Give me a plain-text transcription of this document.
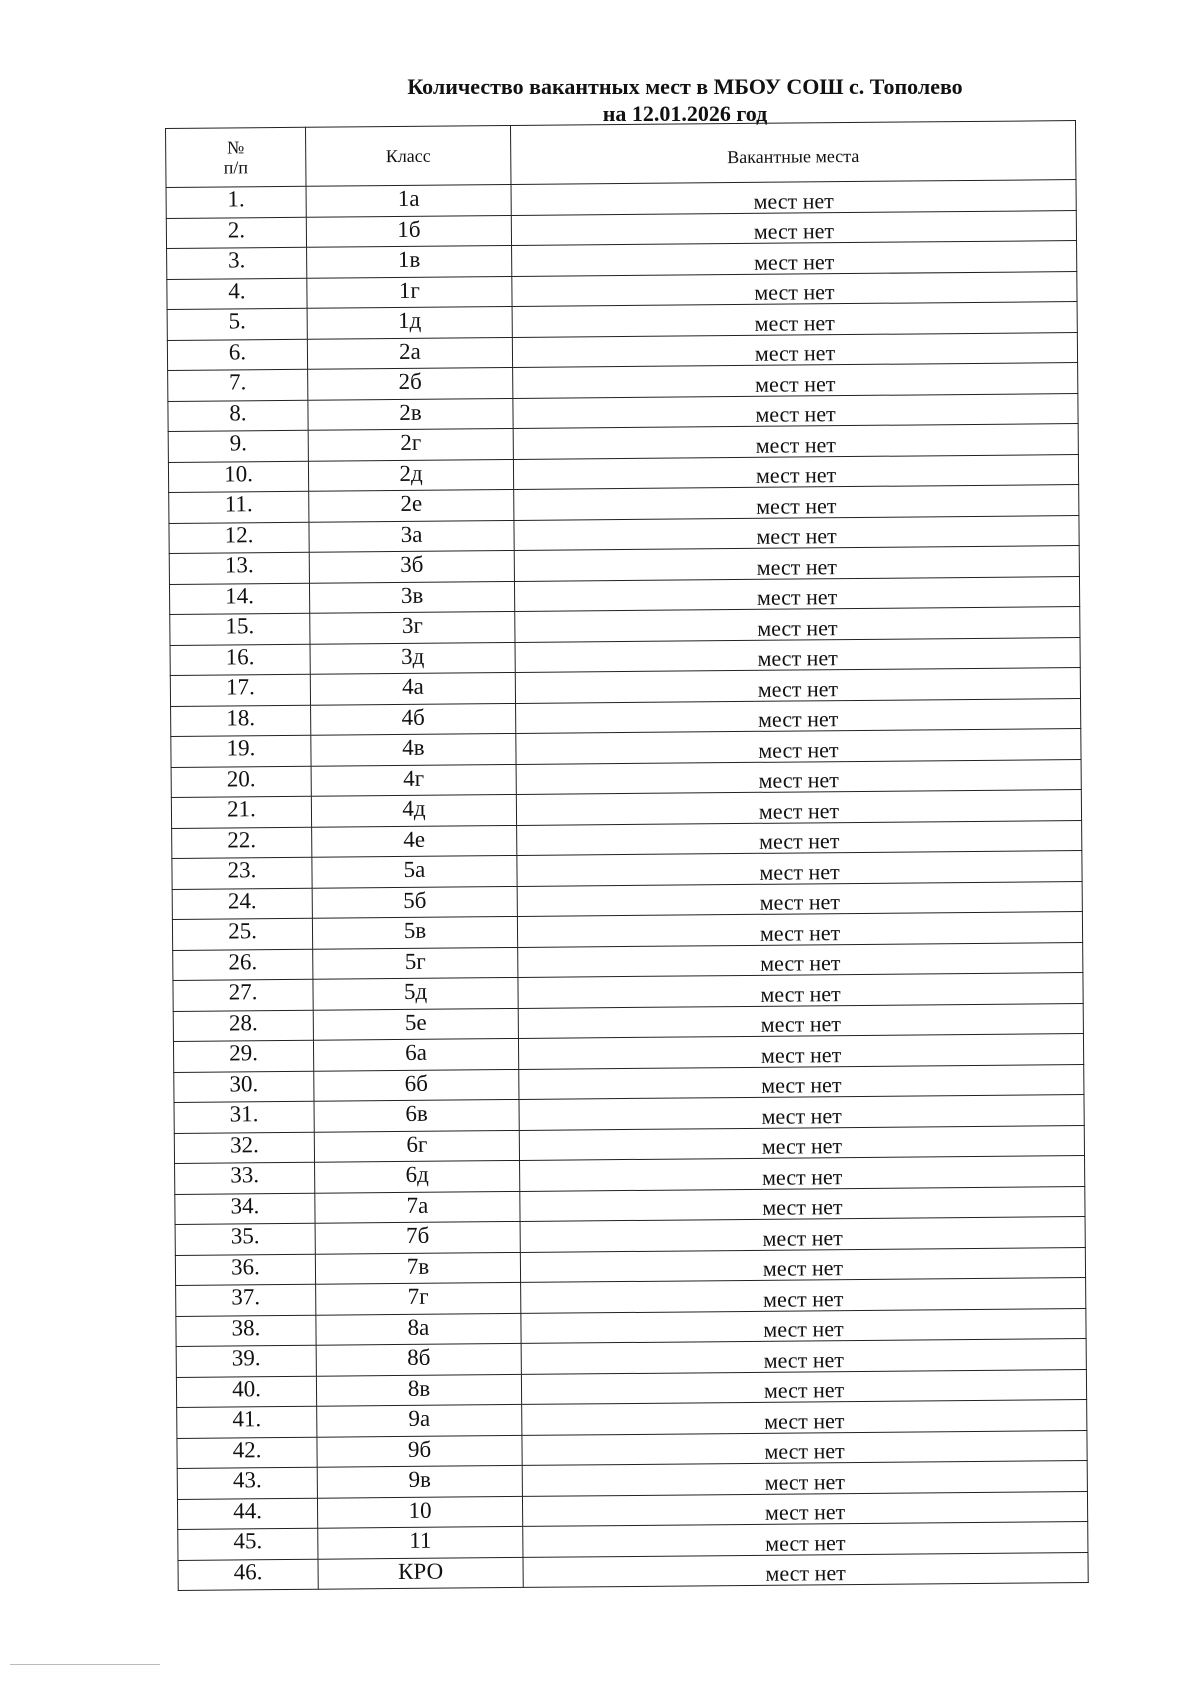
Количество вакантных мест в МБОУ СОШ с. Тополево
на 12.01.2026 год
№
п/п	Класс	Вакантные места
1.	1а	мест нет
2.	1б	мест нет
3.	1в	мест нет
4.	1г	мест нет
5.	1д	мест нет
6.	2а	мест нет
7.	2б	мест нет
8.	2в	мест нет
9.	2г	мест нет
10.	2д	мест нет
11.	2е	мест нет
12.	3а	мест нет
13.	3б	мест нет
14.	3в	мест нет
15.	3г	мест нет
16.	3д	мест нет
17.	4а	мест нет
18.	4б	мест нет
19.	4в	мест нет
20.	4г	мест нет
21.	4д	мест нет
22.	4е	мест нет
23.	5а	мест нет
24.	5б	мест нет
25.	5в	мест нет
26.	5г	мест нет
27.	5д	мест нет
28.	5е	мест нет
29.	6а	мест нет
30.	6б	мест нет
31.	6в	мест нет
32.	6г	мест нет
33.	6д	мест нет
34.	7а	мест нет
35.	7б	мест нет
36.	7в	мест нет
37.	7г	мест нет
38.	8а	мест нет
39.	8б	мест нет
40.	8в	мест нет
41.	9а	мест нет
42.	9б	мест нет
43.	9в	мест нет
44.	10	мест нет
45.	11	мест нет
46.	КРО	мест нет
